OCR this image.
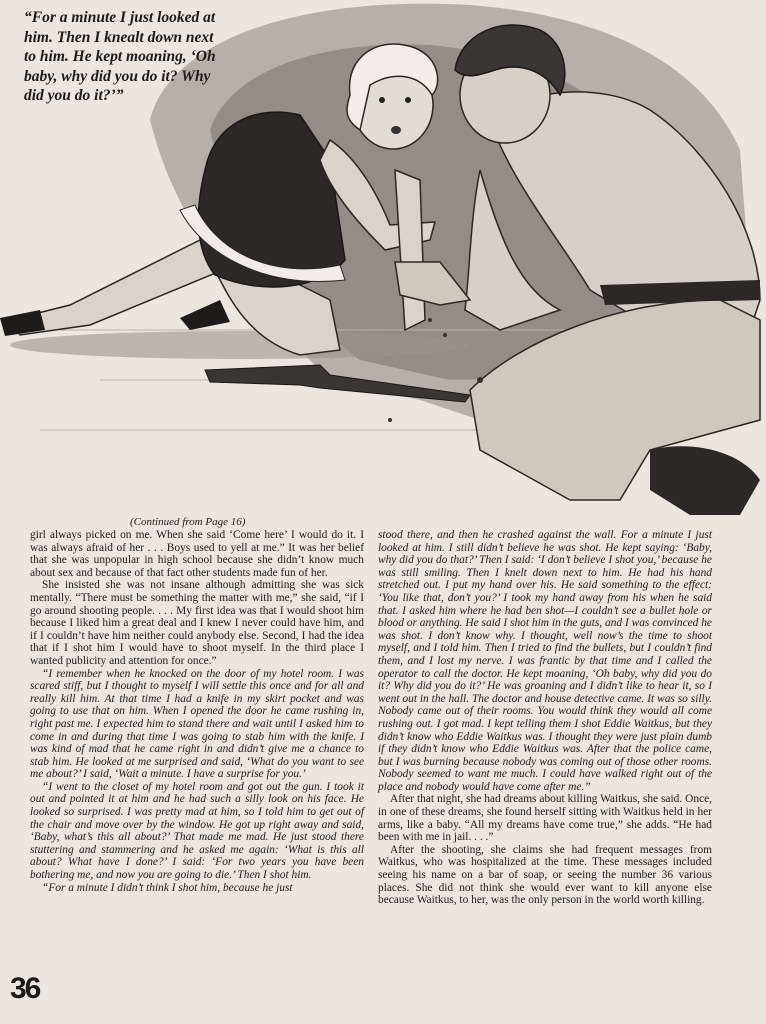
“For a minute I just looked at him. Then I knealt down next to him. He kept moaning, ‘Oh baby, why did you do it? Why did you do it?’”
(Continued from Page 16)

girl always picked on me. When she said ‘Come here’ I would do it. I was always afraid of her . . . Boys used to yell at me.” It was her belief that she was unpopular in high school because she didn’t know much about sex and because of that fact other students made fun of her.

She insisted she was not insane although admitting she was sick mentally. “There must be something the matter with me,” she said, “if I go around shooting people. . . . My first idea was that I would shoot him because I liked him a great deal and I knew I never could have him, and if I couldn’t have him neither could anybody else. Second, I had the idea that if I shot him I would have to shoot myself. In the third place I wanted publicity and attention for once.”

“I remember when he knocked on the door of my hotel room. I was scared stiff, but I thought to myself I will settle this once and for all and really kill him. At that time I had a knife in my skirt pocket and was going to use that on him. When I opened the door he came rushing in, right past me. I expected him to stand there and wait until I asked him to come in and during that time I was going to stab him with the knife. I was kind of mad that he came right in and didn’t give me a chance to stab him. He looked at me surprised and said, ‘What do you want to see me about?’ I said, ‘Wait a minute. I have a surprise for you.’

“I went to the closet of my hotel room and got out the gun. I took it out and pointed it at him and he had such a silly look on his face. He looked so surprised. I was pretty mad at him, so I told him to get out of the chair and move over by the window. He got up right away and said, ‘Baby, what’s this all about?’ That made me mad. He just stood there stuttering and stammering and he asked me again: ‘What is this all about? What have I done?’ I said: ‘For two years you have been bothering me, and now you are going to die.’ Then I shot him.

“For a minute I didn’t think I shot him, because he just

stood there, and then he crashed against the wall. For a minute I just looked at him. I still didn’t believe he was shot. He kept saying: ‘Baby, why did you do that?’ Then I said: ‘I don’t believe I shot you,’ because he was still smiling. Then I knelt down next to him. He had his hand stretched out. I put my hand over his. He said something to the effect: ‘You like that, don’t you?’ I took my hand away from his when he said that. I asked him where he had ben shot—I couldn’t see a bullet hole or blood or anything. He said I shot him in the guts, and I was convinced he was shot. I don’t know why. I thought, well now’s the time to shoot myself, and I told him. Then I tried to find the bullets, but I couldn’t find them, and I lost my nerve. I was frantic by that time and I called the operator to call the doctor. He kept moaning, ‘Oh baby, why did you do it? Why did you do it?’ He was groaning and I didn’t like to hear it, so I went out in the hall. The doctor and house detective came. It was so silly. Nobody came out of their rooms. You would think they would all come rushing out. I got mad. I kept telling them I shot Eddie Waitkus, but they didn’t know who Eddie Waitkus was. I thought they were just plain dumb if they didn’t know who Eddie Waitkus was. After that the police came, but I was burning because nobody was coming out of those other rooms. Nobody seemed to want me much. I could have walked right out of the place and nobody would have come after me.”

After that night, she had dreams about killing Waitkus, she said. Once, in one of these dreams, she found herself sitting with Waitkus held in her arms, like a baby. “All my dreams have come true,” she adds. “He had been with me in jail. . . .”

After the shooting, she claims she had frequent messages from Waitkus, who was hospitalized at the time. These messages included seeing his name on a bar of soap, or seeing the number 36 various places. She did not think she would ever want to kill anyone else because Waitkus, to her, was the only person in the world worth killing.

36
